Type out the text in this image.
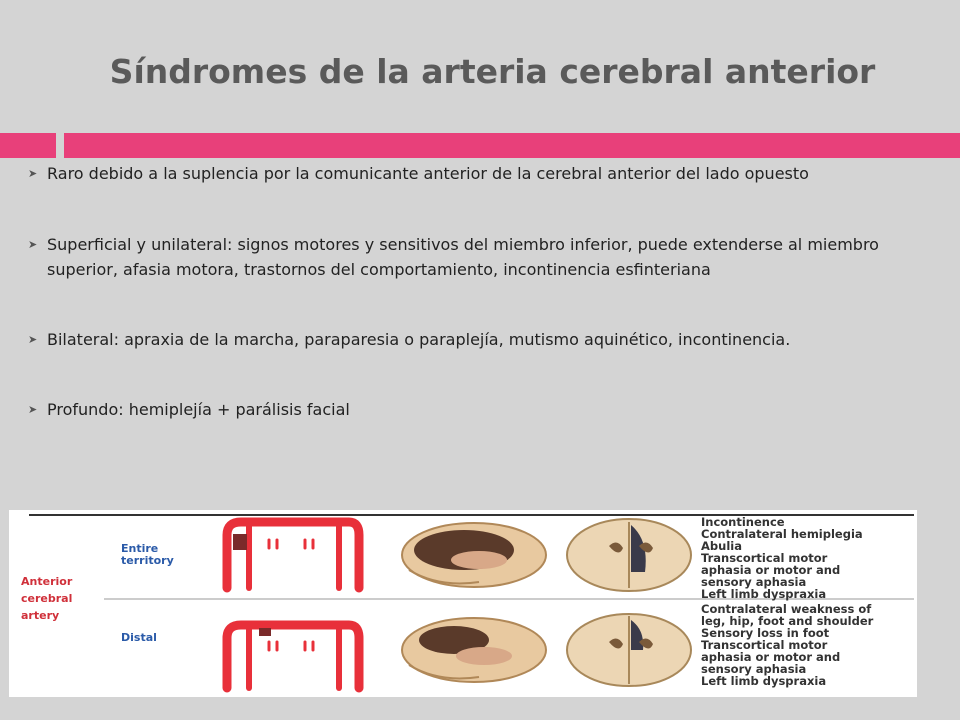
Síndromes de la arteria cerebral anterior
➤ Raro debido a la suplencia por la comunicante anterior de la cerebral anterior del lado opuesto
➤ Superficial y unilateral: signos motores y sensitivos del miembro inferior, puede extenderse al miembro superior, afasia motora, trastornos del comportamiento, incontinencia esfinteriana
➤ Bilateral: apraxia de la marcha, paraparesia o paraplejía, mutismo aquinético, incontinencia.
➤ Profundo: hemiplejía + parálisis facial
Anterior
cerebral
artery
Entire
territory
Distal
Incontinence
Contralateral hemiplegia
Abulia
Transcortical motor
aphasia or motor and
sensory aphasia
Left limb dyspraxia
Contralateral weakness of
leg, hip, foot and shoulder
Sensory loss in foot
Transcortical motor
aphasia or motor and
sensory aphasia
Left limb dyspraxia
